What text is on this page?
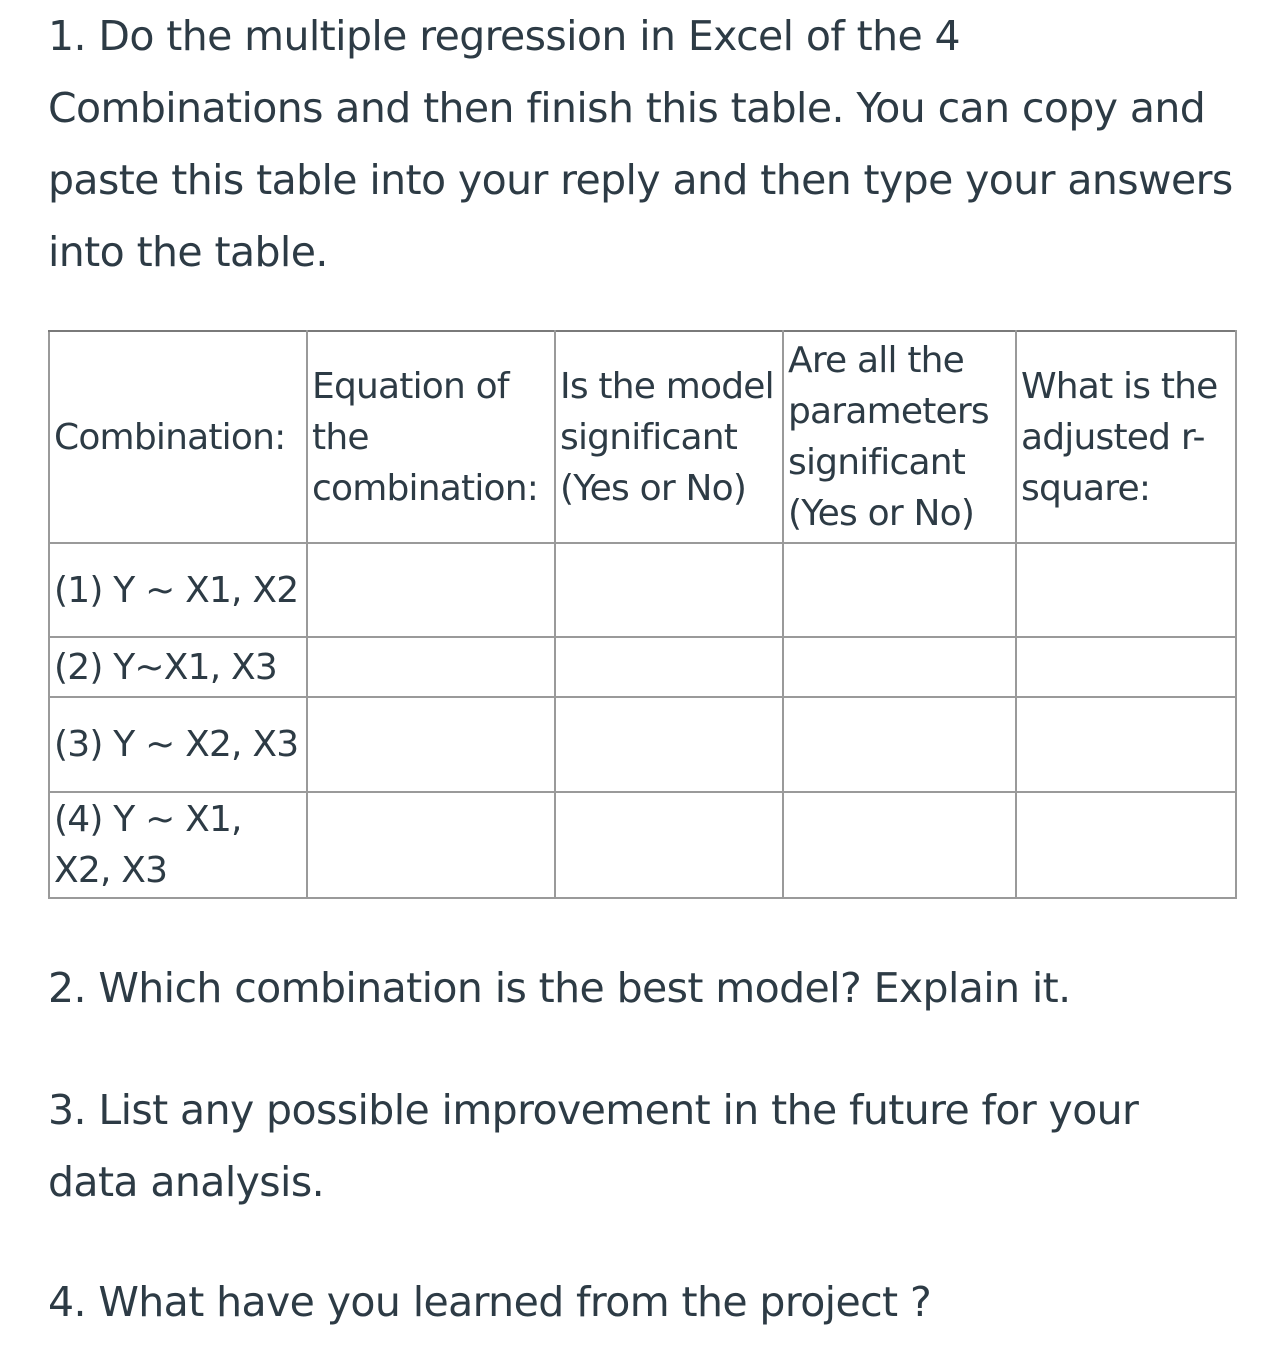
1. Do the multiple regression in Excel of the 4 Combinations and then finish this table. You can copy and paste this table into your reply and then type your answers into the table.

Combination:	Equation of the combination:	Is the model significant (Yes or No)	Are all the parameters significant (Yes or No)	What is the adjusted r-square:
(1) Y ~ X1, X2				
(2) Y~X1, X3				
(3) Y ~ X2, X3				
(4) Y ~ X1, X2, X3				

2. Which combination is the best model? Explain it.

3. List any possible improvement in the future for your data analysis.

4. What have you learned from the project ?
